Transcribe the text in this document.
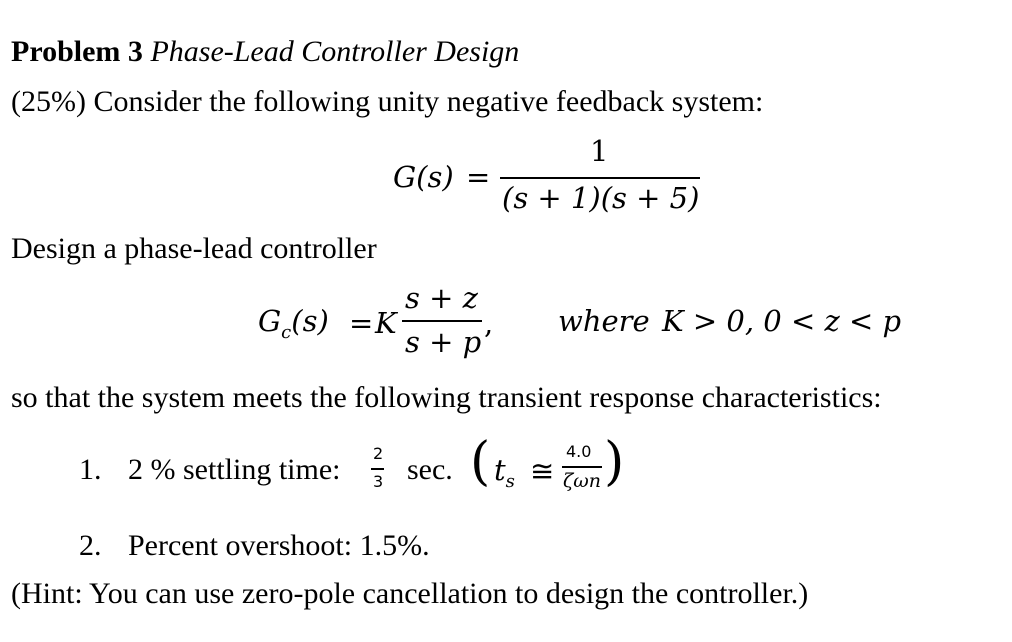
Problem 3 Phase-Lead Controller Design
(25%) Consider the following unity negative feedback system:
G(s) =
1
(s + 1)(s + 5)
Design a phase-lead controller
$G_c(s) = K$
s + z
s + p
, where K > 0, 0 < z < p
so that the system meets the following transient response characteristics:
1. 2 % settling time: 2
3 sec. ( $t_s$ ≅
4.0
ζωn )
2. Percent overshoot: 1.5%.
(Hint: You can use zero-pole cancellation to design the controller.)
